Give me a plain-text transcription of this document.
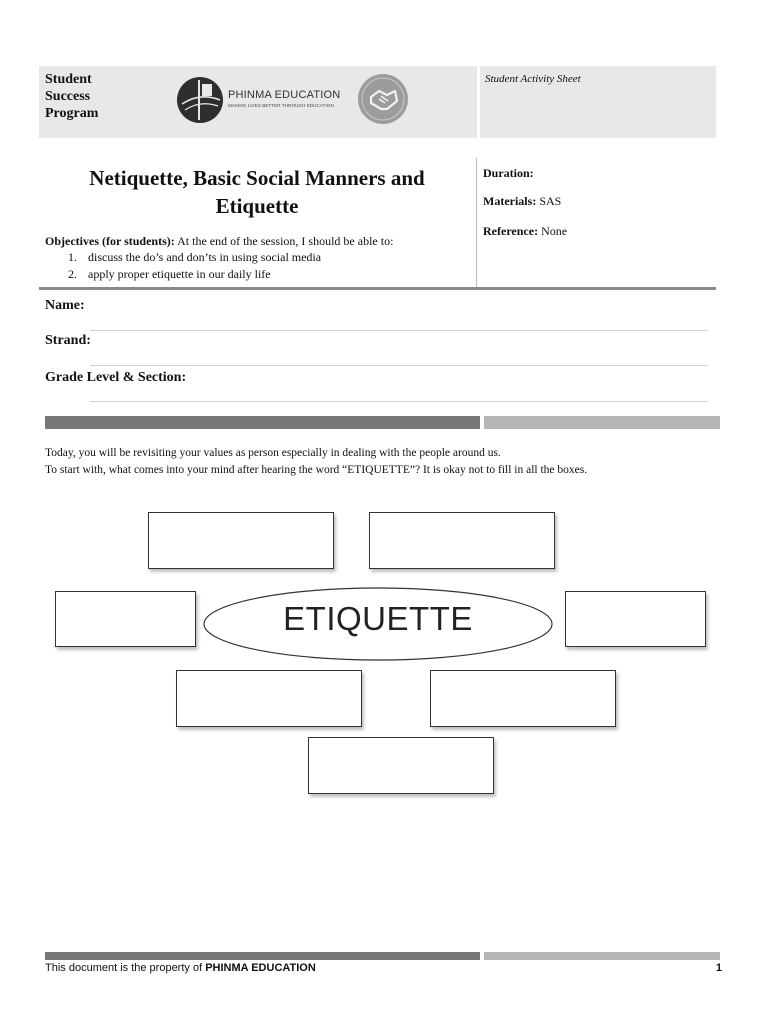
Student
Success
Program
PHINMA EDUCATION
MAKING LIVES BETTER THROUGH EDUCATION
Student Activity Sheet
Netiquette, Basic Social Manners and
Etiquette
Objectives (for students): At the end of the session, I should be able to:
1. discuss the do’s and don’ts in using social media
2. apply proper etiquette in our daily life
Duration:
Materials: SAS
Reference: None
Name:
Strand:
Grade Level & Section:
Today, you will be revisiting your values as person especially in dealing with the people around us.
To start with, what comes into your mind after hearing the word “ETIQUETTE”? It is okay not to fill in all the boxes.
ETIQUETTE
This document is the property of PHINMA EDUCATION	1
